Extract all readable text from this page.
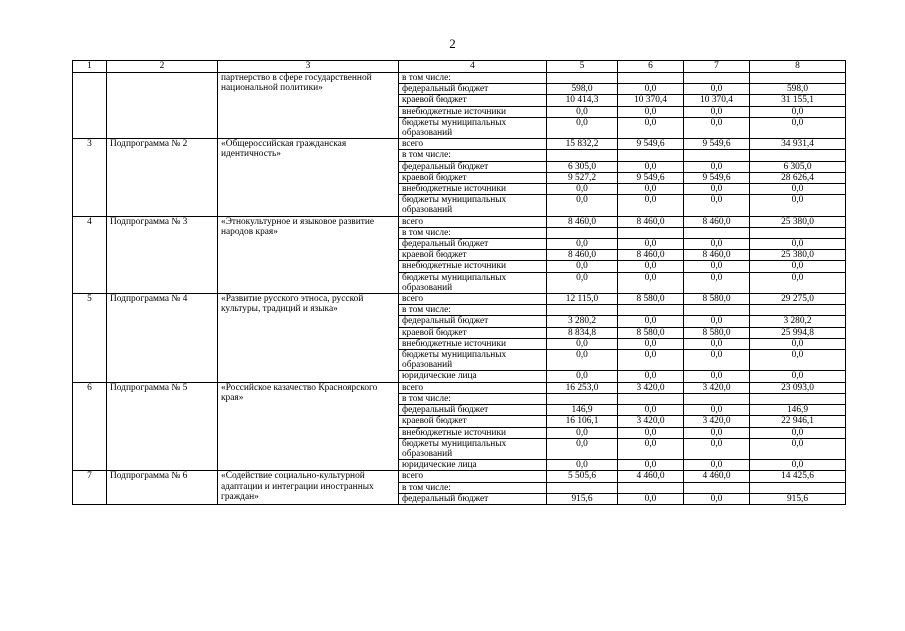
2
1	2	3	4	5	6	7	8
		партнерство в сфере государственной национальной политики»	в том числе:				
			федеральный бюджет	598,0	0,0	0,0	598,0
			краевой бюджет	10 414,3	10 370,4	10 370,4	31 155,1
			внебюджетные источники	0,0	0,0	0,0	0,0
			бюджеты муниципальных образований	0,0	0,0	0,0	0,0
3	Подпрограмма № 2	«Общероссийская гражданская идентичность»	всего	15 832,2	9 549,6	9 549,6	34 931,4
			в том числе:				
			федеральный бюджет	6 305,0	0,0	0,0	6 305,0
			краевой бюджет	9 527,2	9 549,6	9 549,6	28 626,4
			внебюджетные источники	0,0	0,0	0,0	0,0
			бюджеты муниципальных образований	0,0	0,0	0,0	0,0
4	Подпрограмма № 3	«Этнокультурное и языковое развитие народов края»	всего	8 460,0	8 460,0	8 460,0	25 380,0
			в том числе:				
			федеральный бюджет	0,0	0,0	0,0	0,0
			краевой бюджет	8 460,0	8 460,0	8 460,0	25 380,0
			внебюджетные источники	0,0	0,0	0,0	0,0
			бюджеты муниципальных образований	0,0	0,0	0,0	0,0
5	Подпрограмма № 4	«Развитие русского этноса, русской культуры, традиций и языка»	всего	12 115,0	8 580,0	8 580,0	29 275,0
			в том числе:				
			федеральный бюджет	3 280,2	0,0	0,0	3 280,2
			краевой бюджет	8 834,8	8 580,0	8 580,0	25 994,8
			внебюджетные источники	0,0	0,0	0,0	0,0
			бюджеты муниципальных образований	0,0	0,0	0,0	0,0
			юридические лица	0,0	0,0	0,0	0,0
6	Подпрограмма № 5	«Российское казачество Красноярского края»	всего	16 253,0	3 420,0	3 420,0	23 093,0
			в том числе:				
			федеральный бюджет	146,9	0,0	0,0	146,9
			краевой бюджет	16 106,1	3 420,0	3 420,0	22 946,1
			внебюджетные источники	0,0	0,0	0,0	0,0
			бюджеты муниципальных образований	0,0	0,0	0,0	0,0
			юридические лица	0,0	0,0	0,0	0,0
7	Подпрограмма № 6	«Содействие социально-культурной адаптации и интеграции иностранных граждан»	всего	5 505,6	4 460,0	4 460,0	14 425,6
			в том числе:				
			федеральный бюджет	915,6	0,0	0,0	915,6
